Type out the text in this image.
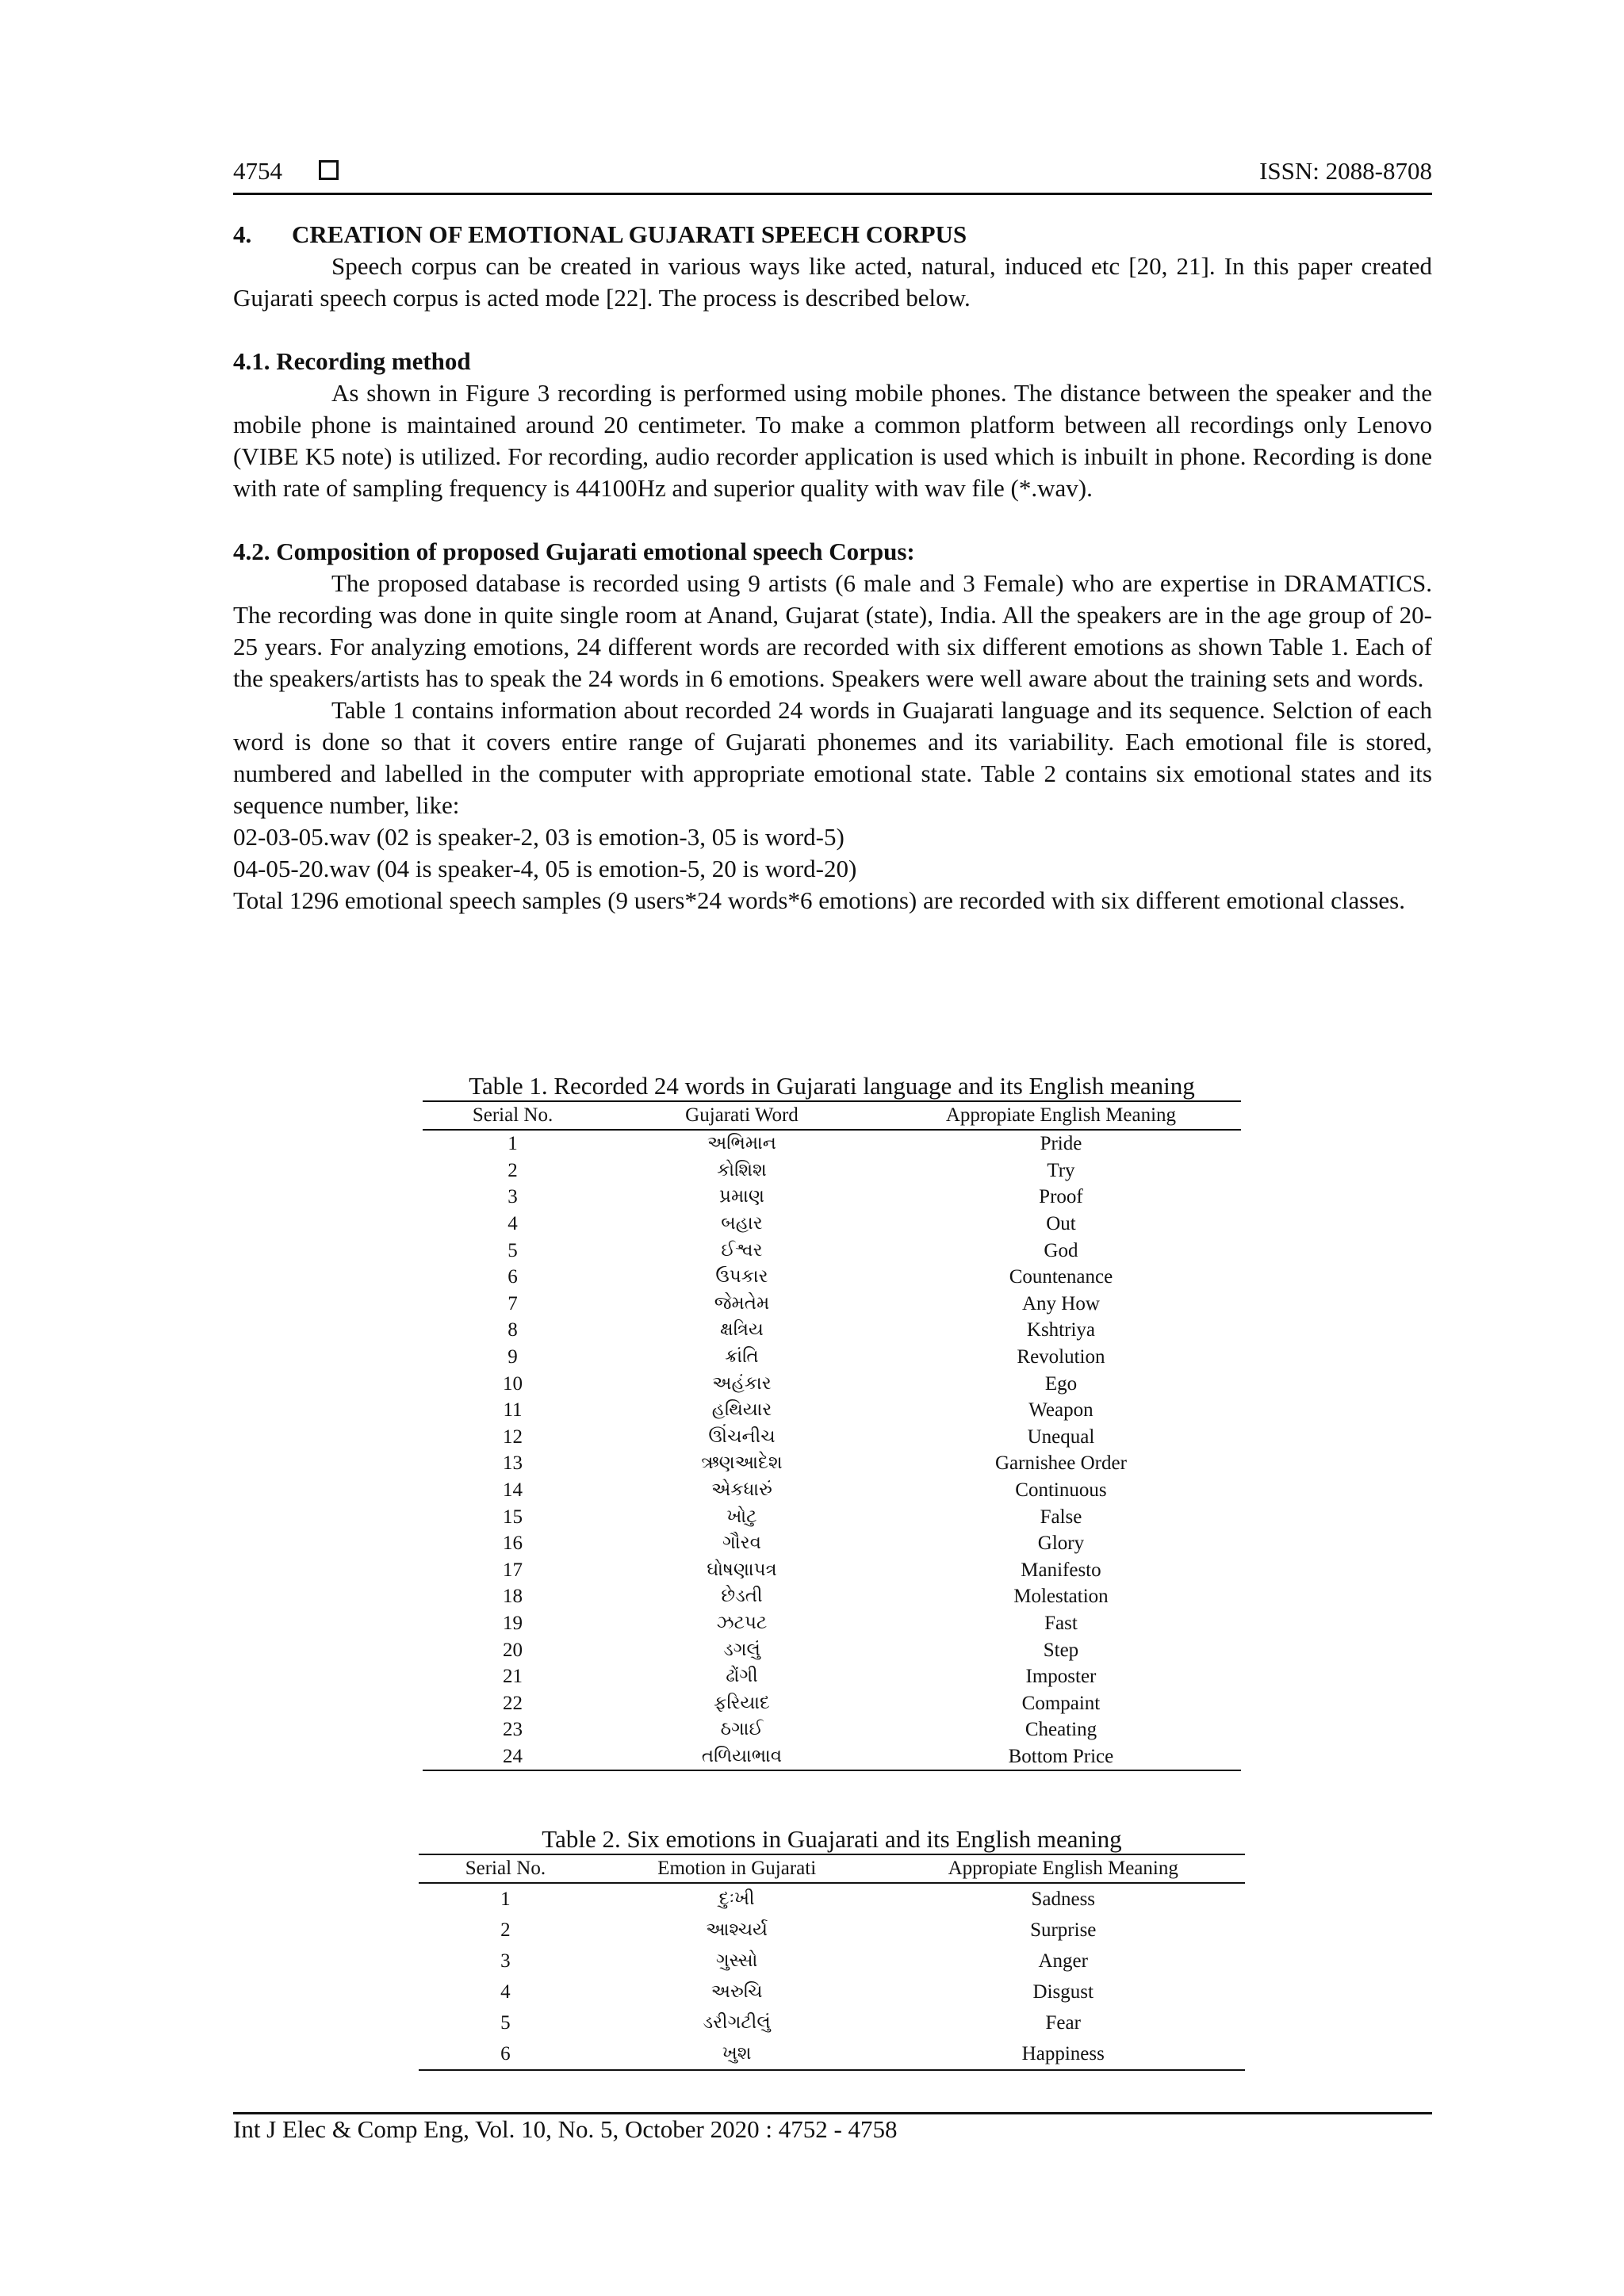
4754	ISSN: 2088-8708

4. CREATION OF EMOTIONAL GUJARATI SPEECH CORPUS

Speech corpus can be created in various ways like acted, natural, induced etc [20, 21]. In this paper created Gujarati speech corpus is acted mode [22]. The process is described below.

4.1. Recording method

As shown in Figure 3 recording is performed using mobile phones. The distance between the speaker and the mobile phone is maintained around 20 centimeter. To make a common platform between all recordings only Lenovo (VIBE K5 note) is utilized. For recording, audio recorder application is used which is inbuilt in phone. Recording is done with rate of sampling frequency is 44100Hz and superior quality with wav file (*.wav).

4.2. Composition of proposed Gujarati emotional speech Corpus:

The proposed database is recorded using 9 artists (6 male and 3 Female) who are expertise in DRAMATICS. The recording was done in quite single room at Anand, Gujarat (state), India. All the speakers are in the age group of 20-25 years. For analyzing emotions, 24 different words are recorded with six different emotions as shown Table 1. Each of the speakers/artists has to speak the 24 words in 6 emotions. Speakers were well aware about the training sets and words.

Table 1 contains information about recorded 24 words in Guajarati language and its sequence. Selction of each word is done so that it covers entire range of Gujarati phonemes and its variability. Each emotional file is stored, numbered and labelled in the computer with appropriate emotional state. Table 2 contains six emotional states and its sequence number, like:

02-03-05.wav (02 is speaker-2, 03 is emotion-3, 05 is word-5)

04-05-20.wav (04 is speaker-4, 05 is emotion-5, 20 is word-20)

Total 1296 emotional speech samples (9 users*24 words*6 emotions) are recorded with six different emotional classes.

Table 1. Recorded 24 words in Gujarati language and its English meaning
Serial No.	Gujarati Word	Appropiate English Meaning
1	અભિમાન	Pride
2	કોશિશ	Try
3	પ્રમાણ	Proof
4	બહાર	Out
5	ઈશ્વર	God
6	ઉપકાર	Countenance
7	જેમતેમ	Any How
8	ક્ષત્રિય	Kshtriya
9	ક્રાંતિ	Revolution
10	અહંકાર	Ego
11	હથિયાર	Weapon
12	ઊંચનીચ	Unequal
13	ઋણઆદેશ	Garnishee Order
14	એકધારું	Continuous
15	ખોટુ	False
16	ગૌરવ	Glory
17	ઘોષણાપત્ર	Manifesto
18	છેડતી	Molestation
19	ઝટપટ	Fast
20	ડગલું	Step
21	ઢોંગી	Imposter
22	ફરિયાદ	Compaint
23	ઠગાઈ	Cheating
24	તળિયાભાવ	Bottom Price
Table 2. Six emotions in Guajarati and its English meaning
Serial No.	Emotion in Gujarati	Appropiate English Meaning
1	દુઃખી	Sadness
2	આશ્ચર્ય	Surprise
3	ગુસ્સો	Anger
4	અરુચિ	Disgust
5	ડરીગટીલું	Fear
6	ખુશ	Happiness
Int J Elec & Comp Eng, Vol. 10, No. 5, October 2020 : 4752 - 4758
